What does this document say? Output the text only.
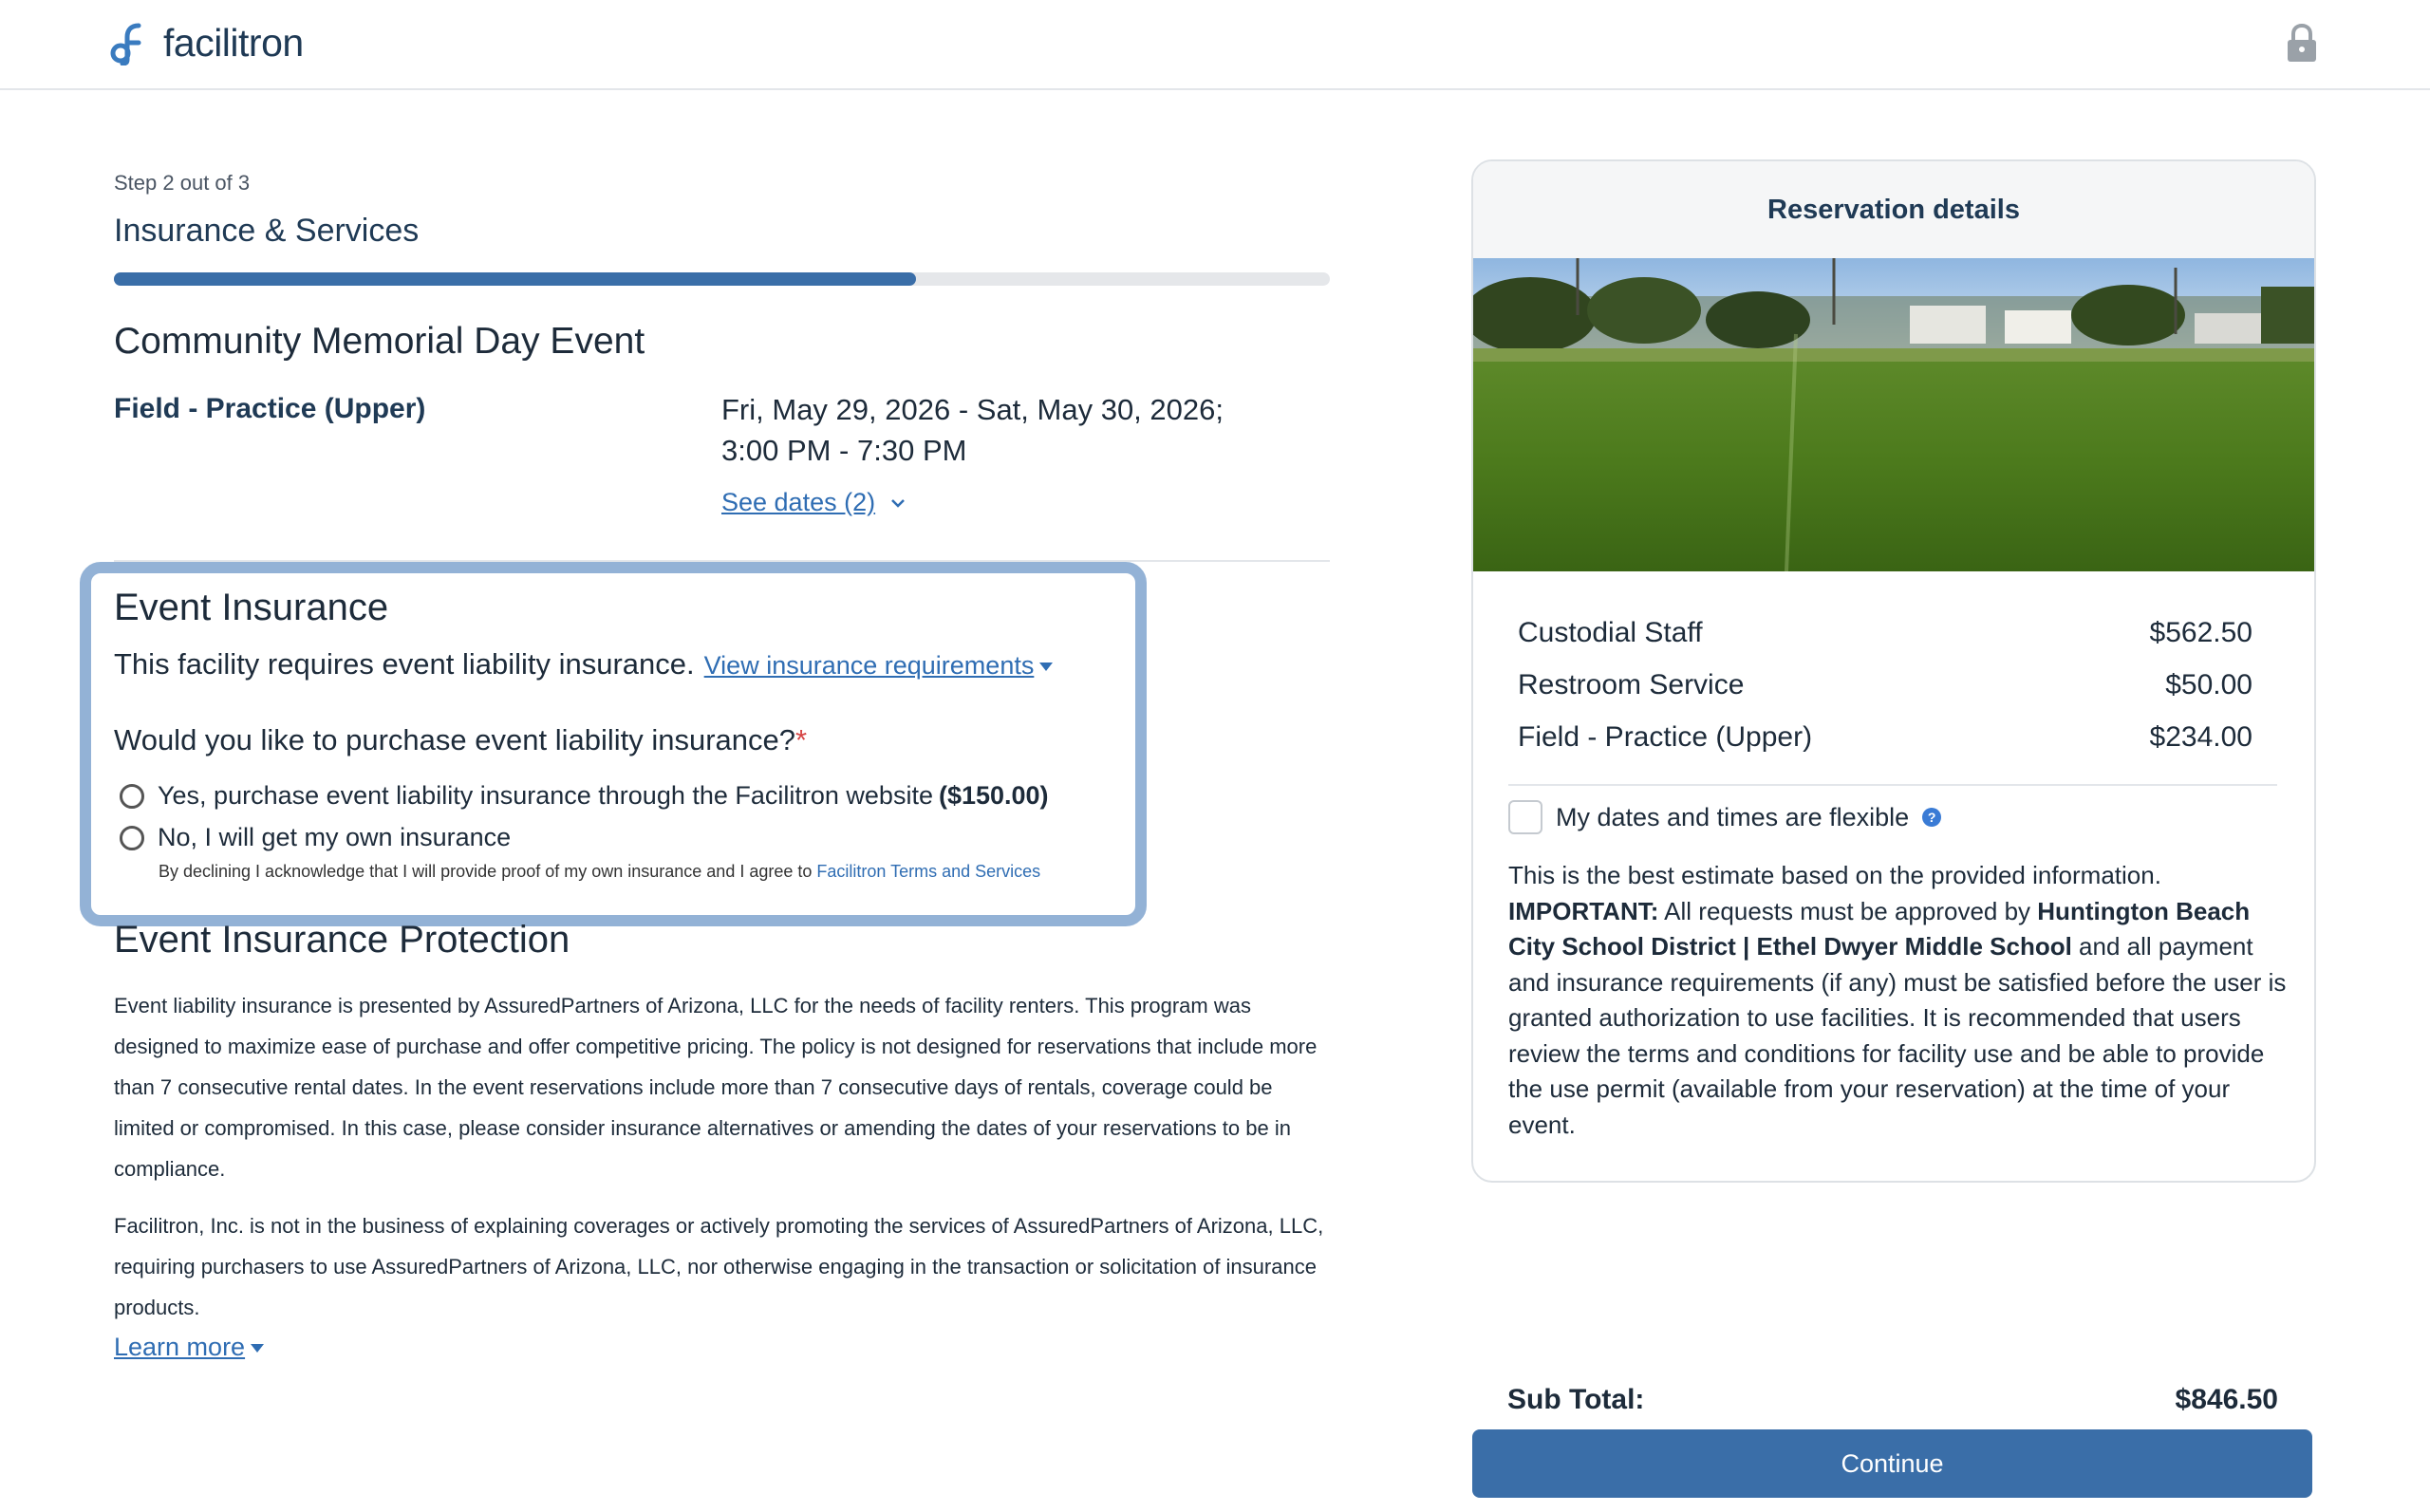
facilitron
Step 2 out of 3
Insurance & Services
Community Memorial Day Event
Field - Practice (Upper)	Fri, May 29, 2026 - Sat, May 30, 2026;
3:00 PM - 7:30 PM
See dates (2)
Event Insurance
This facility requires event liability insurance. View insurance requirements
Would you like to purchase event liability insurance?*
Yes, purchase event liability insurance through the Facilitron website ($150.00)
No, I will get my own insurance
By declining I acknowledge that I will provide proof of my own insurance and I agree to Facilitron Terms and Services
Event Insurance Protection
Event liability insurance is presented by AssuredPartners of Arizona, LLC for the needs of facility renters. This program was designed to maximize ease of purchase and offer competitive pricing. The policy is not designed for reservations that include more than 7 consecutive rental dates. In the event reservations include more than 7 consecutive days of rentals, coverage could be limited or compromised. In this case, please consider insurance alternatives or amending the dates of your reservations to be in compliance.
Facilitron, Inc. is not in the business of explaining coverages or actively promoting the services of AssuredPartners of Arizona, LLC, requiring purchasers to use AssuredPartners of Arizona, LLC, nor otherwise engaging in the transaction or solicitation of insurance products.
Learn more
Reservation details
Custodial Staff	$562.50
Restroom Service	$50.00
Field - Practice (Upper)	$234.00
My dates and times are flexible	?
This is the best estimate based on the provided information.
IMPORTANT: All requests must be approved by Huntington Beach City School District | Ethel Dwyer Middle School and all payment and insurance requirements (if any) must be satisfied before the user is granted authorization to use facilities. It is recommended that users review the terms and conditions for facility use and be able to provide the use permit (available from your reservation) at the time of your event.
Sub Total:	$846.50
Continue
